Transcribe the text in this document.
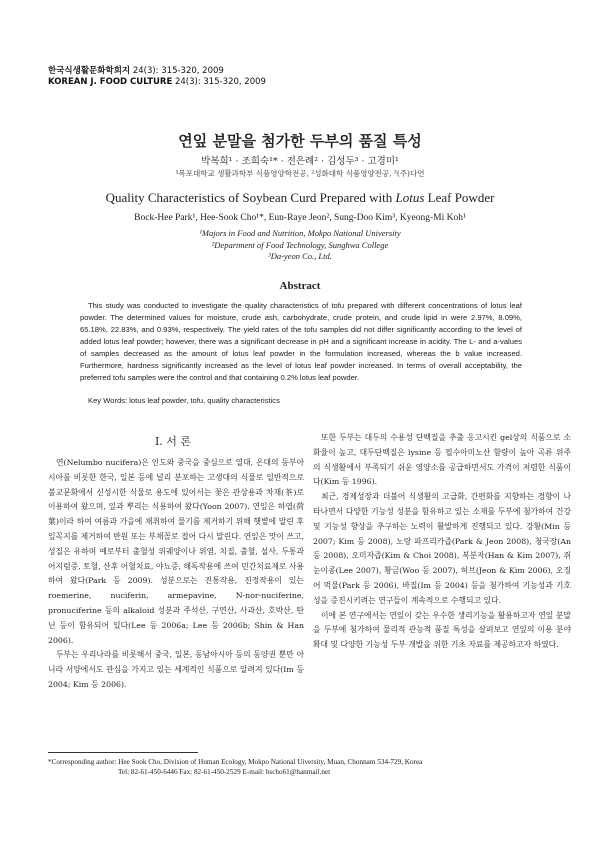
한국식생활문화학회지 24(3): 315-320, 2009
KOREAN J. FOOD CULTURE 24(3): 315-320, 2009
연잎 분말을 첨가한 두부의 품질 특성
박복희¹ · 조희숙¹* · 전은례² · 김성두³ · 고경미¹
¹목포대학교 생활과학부 식품영양학전공, ²성화대학 식품영양전공, ³(주)다연
Quality Characteristics of Soybean Curd Prepared with Lotus Leaf Powder
Bock-Hee Park¹, Hee-Sook Cho¹*, Eun-Raye Jeon², Sung-Doo Kim³, Kyeong-Mi Koh¹
¹Majors in Food and Nutrition, Mokpo National University
²Department of Food Technology, Sunghwa College
³Da-yeon Co., Ltd.
Abstract
This study was conducted to investigate the quality characteristics of tofu prepared with different concentrations of lotus leaf powder. The determined values for moisture, crude ash, carbohydrate, crude protein, and crude lipid in were 2.97%, 8.09%, 65.18%, 22.83%, and 0.93%, respectively. The yield rates of the tofu samples did not differ significantly according to the level of added lotus leaf powder; however, there was a significant decrease in pH and a significant increase in acidity. The L- and a-values of samples decreased as the amount of lotus leaf powder in the formulation increased, whereas the b value increased. Furthermore, hardness significantly increased as the level of lotus leaf powder increased. In terms of overall acceptability, the preferred tofu samples were the control and that containing 0.2% lotus leaf powder.
Key Words: lotus leaf powder, tofu, quality characteristics
Ⅰ. 서 론

연(Nelumbo nucifera)은 인도와 중국을 중심으로 열대, 온대의 동부아시아를 비롯한 한국, 일본 등에 널리 분포하는 고생대의 식물로 일반적으로 불교문화에서 신성시한 식물로 용도에 있어서는 꽃은 관상용과 차재(茶)로 이용하여 왔으며, 잎과 뿌리는 식용하여 왔다(Yoon 2007). 연잎은 하엽(荷葉)이라 하여 여름과 가을에 채취하여 물기를 제거하기 위해 햇볕에 말린 후 잎꼭지를 제거하여 반원 또는 부채꼴로 접어 다시 말린다. 연잎은 맛이 쓰고, 성질은 유하며 예로부터 출혈성 위궤양이나 위염, 치질, 출혈, 설사, 두통과 어지럼증, 토혈, 산후 어혈치료, 야뇨증, 해독작용에 쓰여 민간치료제로 사용하여 왔다(Park 등 2009). 성분으로는 진통작용, 진정작용이 있는 roemerine, nuciferin, armepavine, N-nor-nuciferine, pronuciferine 등의 alkaloid 성분과 주석산, 구연산, 사과산, 호박산, 탄닌 등이 함유되어 있다(Lee 등 2006a; Lee 등 2006b; Shin & Han 2006).

두부는 우리나라를 비롯해서 중국, 일본, 동남아시아 등의 동양권 뿐만 아니라 서양에서도 관심을 가지고 있는 세계적인 식품으로 알려져 있다(Im 등 2004; Kim 등 2006).

또한 두부는 대두의 수용성 단백질을 추출 응고시킨 gel상의 식품으로 소화율이 높고, 대두단백질은 lysine 등 필수아미노산 함량이 높아 곡류 위주의 식생활에서 부족되기 쉬운 영양소를 공급하면서도 가격이 저렴한 식품이다(Kim 등 1996).

최근, 경제성장과 더불어 식생활의 고급화, 간편화를 지향하는 경향이 나타나면서 다양한 기능성 성분을 함유하고 있는 소재를 두부에 첨가하여 건강 및 기능성 향상을 추구하는 노력이 활발하게 진행되고 있다. 강황(Min 등 2007; Kim 등 2008), 노랑 파프리카즙(Park & Jeon 2008), 청국장(An 등 2008), 오미자즙(Kim & Choi 2008), 복분자(Han & Kim 2007), 쥐눈이콩(Lee 2007), 황금(Woo 등 2007), 허브(Jeon & Kim 2006), 오징어 먹물(Park 등 2006), 바질(Im 등 2004) 등을 첨가하여 기능성과 기호성을 증진시키려는 연구들이 계속적으로 수행되고 있다.

이에 본 연구에서는 연잎이 갖는 우수한 생리기능을 활용하고자 연잎 분말을 두부에 첨가하여 물리적 관능적 품질 특성을 살펴보고 연잎의 이용 분야 확대 및 다양한 기능성 두부 개발을 위한 기초 자료를 제공하고자 하였다.

*Corresponding author: Hee Sook Cho, Division of Human Ecology, Mokpo National Uiversity, Muan, Chonnam 534-729, Korea
Tel: 82-61-450-6446 Fax: 82-61-450-2529 E-mail: hscho61@hanmail.net
